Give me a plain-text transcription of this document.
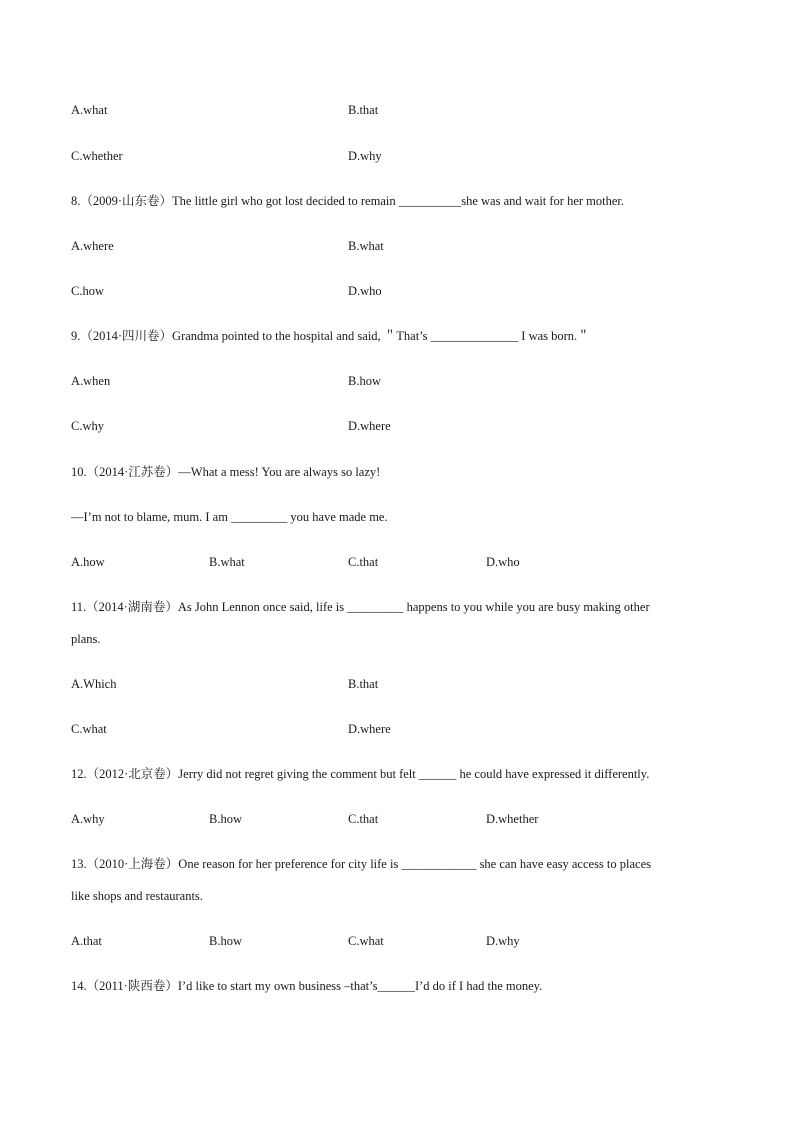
A.what	B.that
C.whether	D.why
8.（2009·山东卷）The little girl who got lost decided to remain __________she was and wait for her mother.
A.where	B.what
C.how	D.who
9.（2014·四川卷）Grandma pointed to the hospital and said, ＂That’s ______________ I was born.＂
A.when	B.how
C.why	D.where
10.（2014·江苏卷）—What a mess! You are always so lazy!
—I’m not to blame, mum. I am _________ you have made me.
A.how	B.what	C.that	D.who
11.（2014·湖南卷）As John Lennon once said, life is _________ happens to you while you are busy making other
plans.
A.Which	B.that
C.what	D.where
12.（2012·北京卷）Jerry did not regret giving the comment but felt ______ he could have expressed it differently.
A.why	B.how	C.that	D.whether
13.（2010·上海卷）One reason for her preference for city life is ____________ she can have easy access to places
like shops and restaurants.
A.that	B.how	C.what	D.why
14.（2011·陕西卷）I’d like to start my own business –that’s______I’d do if I had the money.
